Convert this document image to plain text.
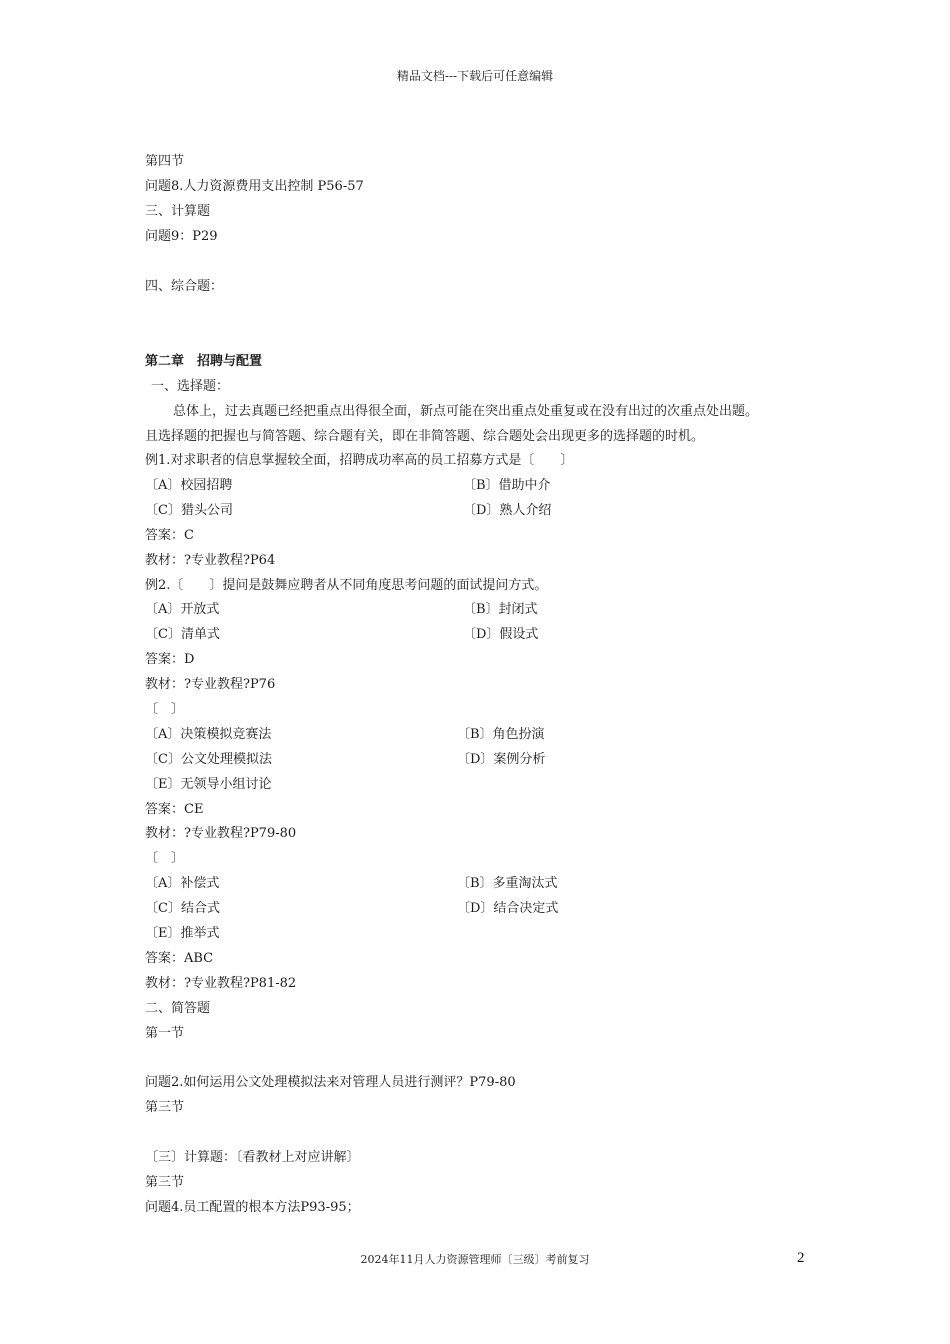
精品文档---下载后可任意编辑
第四节
问题8.人力资源费用支出控制 P56-57
三、计算题
问题9：P29
四、综合题：
第二章　招聘与配置
一、选择题：
总体上，过去真题已经把重点出得很全面，新点可能在突出重点处重复或在没有出过的次重点处出题。
且选择题的把握也与简答题、综合题有关，即在非简答题、综合题处会出现更多的选择题的时机。
例1.对求职者的信息掌握较全面，招聘成功率高的员工招募方式是〔　　〕
〔A〕校园招聘	〔B〕借助中介
〔C〕猎头公司	〔D〕熟人介绍
答案：C
教材：?专业教程?P64
例2.〔　　〕提问是鼓舞应聘者从不同角度思考问题的面试提问方式。
〔A〕开放式	〔B〕封闭式
〔C〕清单式	〔D〕假设式
答案：D
教材：?专业教程?P76
〔　〕
〔A〕决策模拟竞赛法	〔B〕角色扮演
〔C〕公文处理模拟法	〔D〕案例分析
〔E〕无领导小组讨论
答案：CE
教材：?专业教程?P79-80
〔　〕
〔A〕补偿式	〔B〕多重淘汰式
〔C〕结合式	〔D〕结合决定式
〔E〕推举式
答案：ABC
教材：?专业教程?P81-82
二、简答题
第一节
问题2.如何运用公文处理模拟法来对管理人员进行测评？P79-80
第三节
〔三〕计算题：〔看教材上对应讲解〕
第三节
问题4.员工配置的根本方法P93-95；
2024年11月人力资源管理师〔三级〕考前复习	2
